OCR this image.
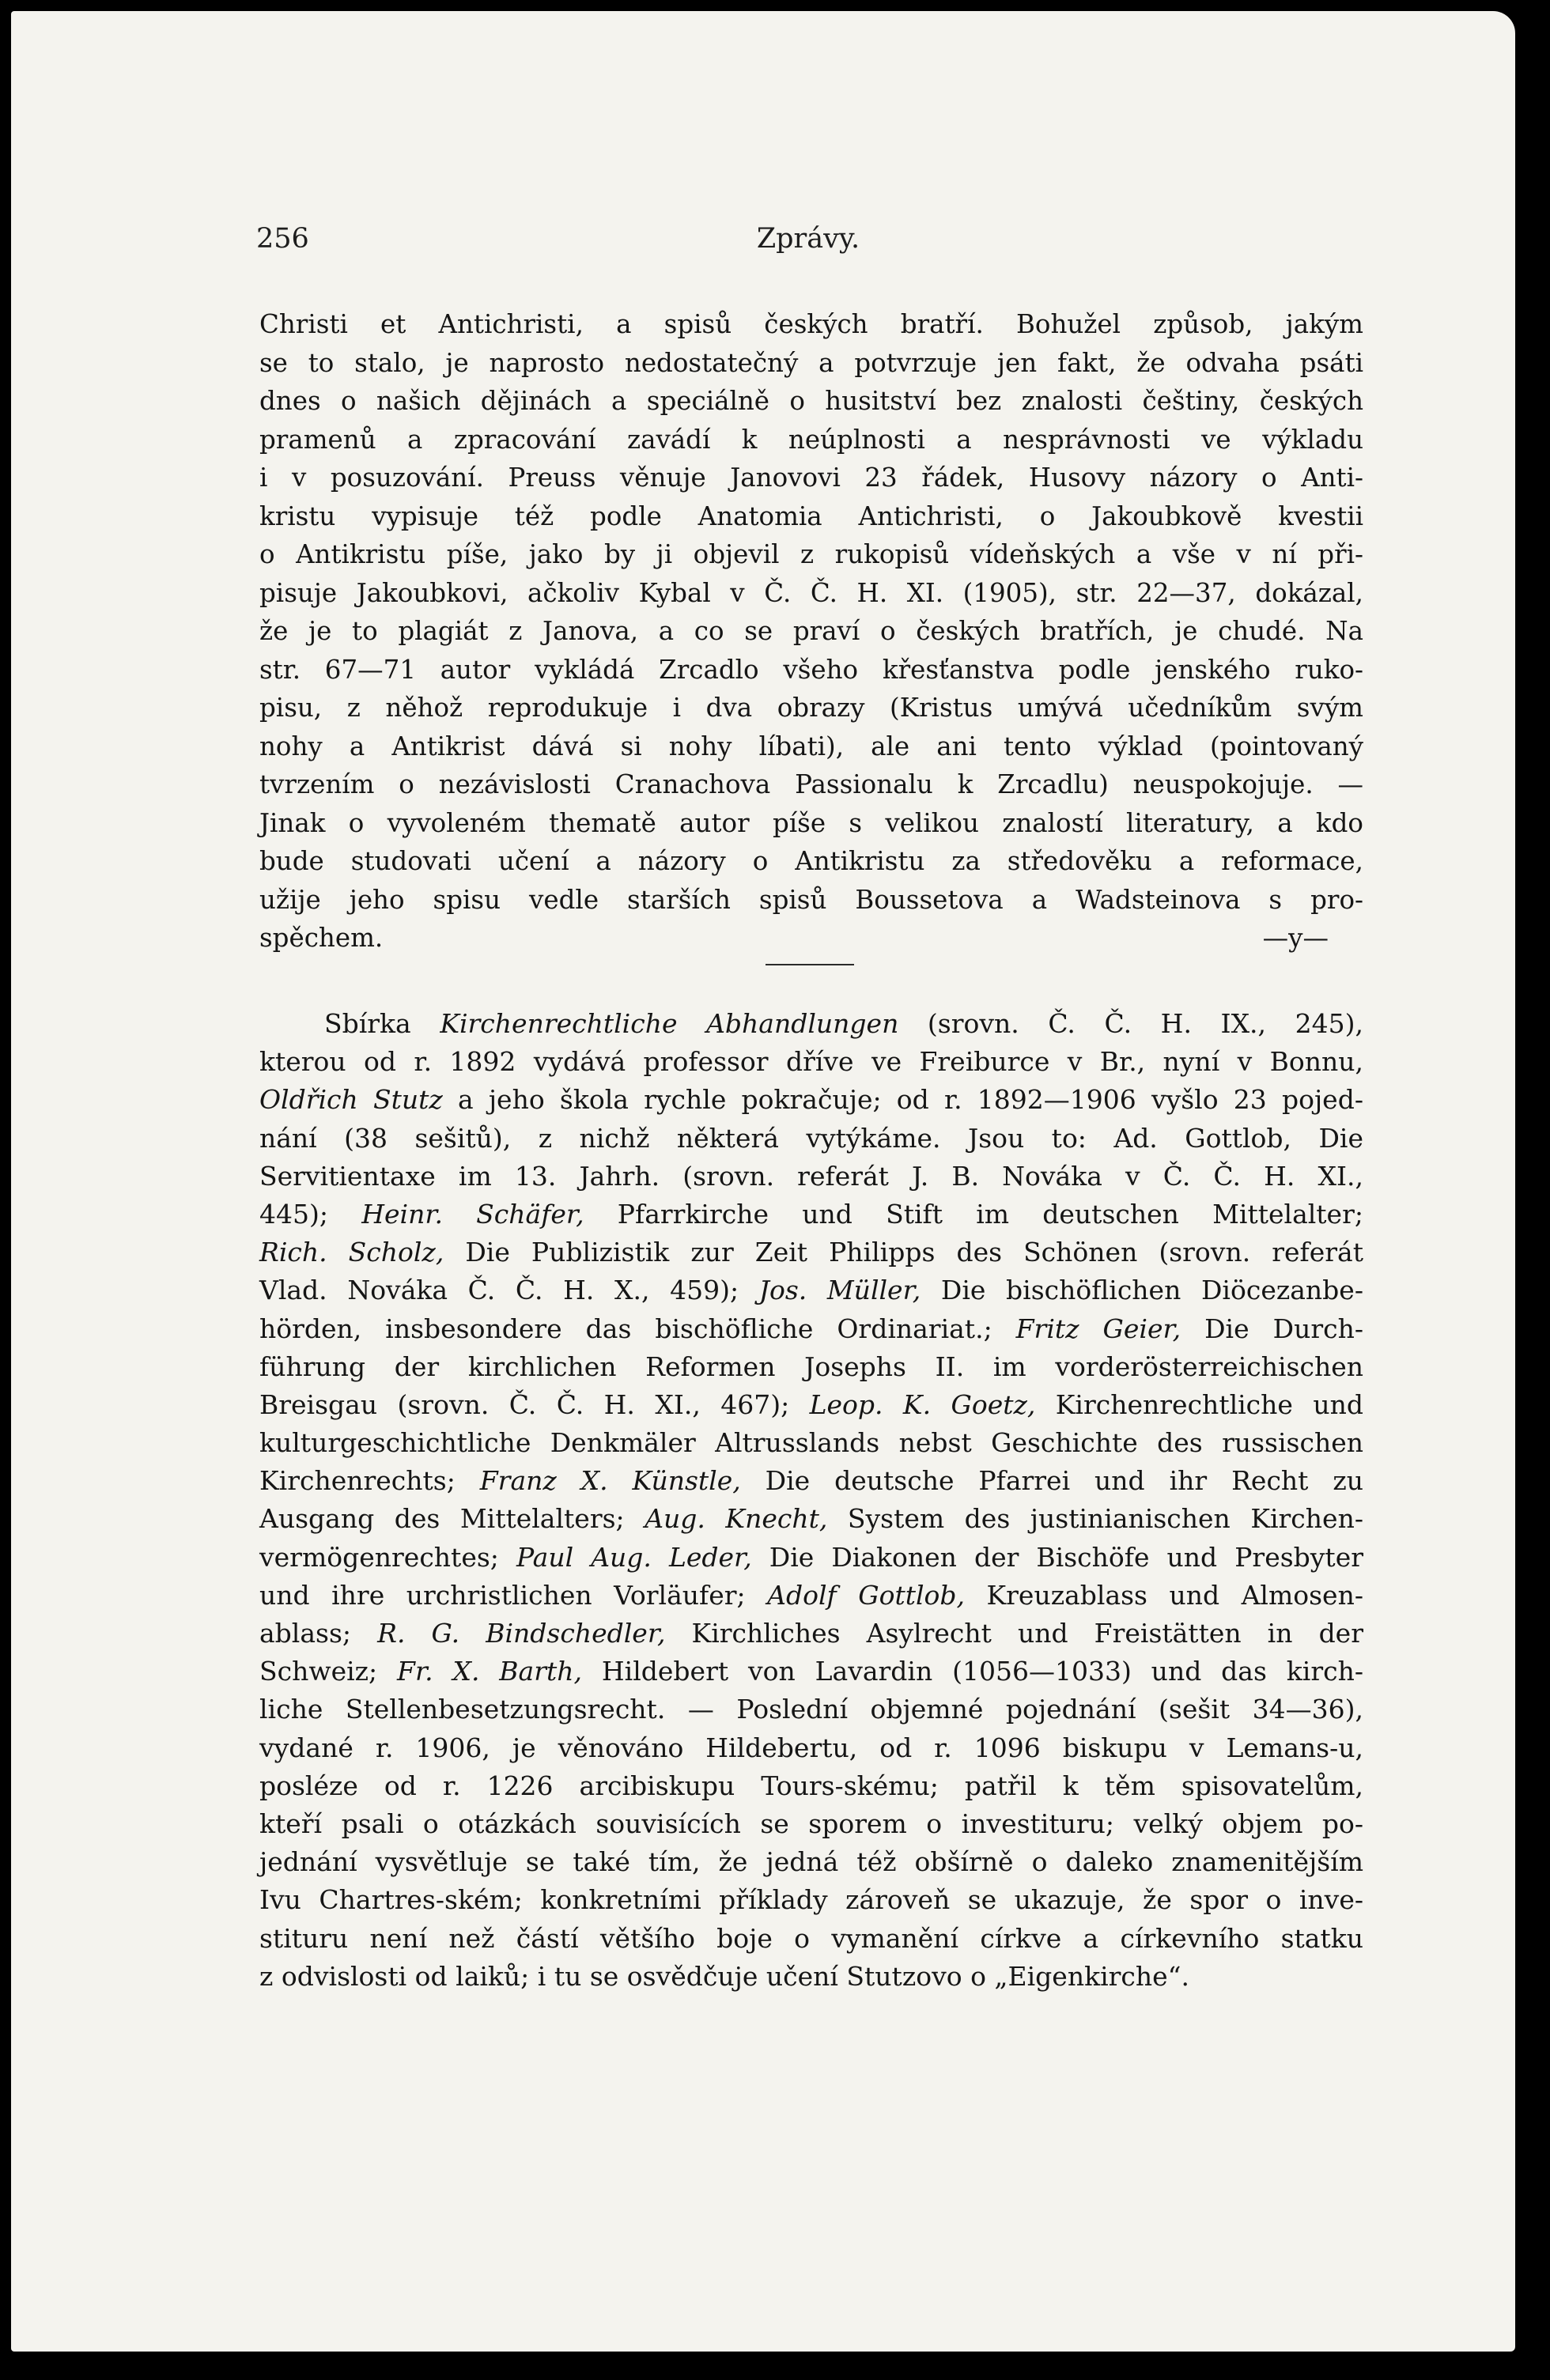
256	Zprávy.
Christi et Antichristi, a spisů českých bratří. Bohužel způsob, jakým
se to stalo, je naprosto nedostatečný a potvrzuje jen fakt, že odvaha psáti
dnes o našich dějinách a speciálně o husitství bez znalosti češtiny, českých
pramenů a zpracování zavádí k neúplnosti a nesprávnosti ve výkladu
i v posuzování. Preuss věnuje Janovovi 23 řádek, Husovy názory o Anti-
kristu vypisuje též podle Anatomia Antichristi, o Jakoubkově kvestii
o Antikristu píše, jako by ji objevil z rukopisů vídeňských a vše v ní při-
pisuje Jakoubkovi, ačkoliv Kybal v Č. Č. H. XI. (1905), str. 22—37, dokázal,
že je to plagiát z Janova, a co se praví o českých bratřích, je chudé. Na
str. 67—71 autor vykládá Zrcadlo všeho křesťanstva podle jenského ruko-
pisu, z něhož reprodukuje i dva obrazy (Kristus umývá učedníkům svým
nohy a Antikrist dává si nohy líbati), ale ani tento výklad (pointovaný
tvrzením o nezávislosti Cranachova Passionalu k Zrcadlu) neuspokojuje. —
Jinak o vyvoleném thematě autor píše s velikou znalostí literatury, a kdo
bude studovati učení a názory o Antikristu za středověku a reformace,
užije jeho spisu vedle starších spisů Boussetova a Wadsteinova s pro-
spěchem.	—y—
Sbírka Kirchenrechtliche Abhandlungen (srovn. Č. Č. H. IX., 245),
kterou od r. 1892 vydává professor dříve ve Freiburce v Br., nyní v Bonnu,
Oldřich Stutz a jeho škola rychle pokračuje; od r. 1892—1906 vyšlo 23 pojed-
nání (38 sešitů), z nichž některá vytýkáme. Jsou to: Ad. Gottlob, Die
Servitientaxe im 13. Jahrh. (srovn. referát J. B. Nováka v Č. Č. H. XI.,
445); Heinr. Schäfer, Pfarrkirche und Stift im deutschen Mittelalter;
Rich. Scholz, Die Publizistik zur Zeit Philipps des Schönen (srovn. referát
Vlad. Nováka Č. Č. H. X., 459); Jos. Müller, Die bischöflichen Diöcezanbe-
hörden, insbesondere das bischöfliche Ordinariat.; Fritz Geier, Die Durch-
führung der kirchlichen Reformen Josephs II. im vorderösterreichischen
Breisgau (srovn. Č. Č. H. XI., 467); Leop. K. Goetz, Kirchenrechtliche und
kulturgeschichtliche Denkmäler Altrusslands nebst Geschichte des russischen
Kirchenrechts; Franz X. Künstle, Die deutsche Pfarrei und ihr Recht zu
Ausgang des Mittelalters; Aug. Knecht, System des justinianischen Kirchen-
vermögenrechtes; Paul Aug. Leder, Die Diakonen der Bischöfe und Presbyter
und ihre urchristlichen Vorläufer; Adolf Gottlob, Kreuzablass und Almosen-
ablass; R. G. Bindschedler, Kirchliches Asylrecht und Freistätten in der
Schweiz; Fr. X. Barth, Hildebert von Lavardin (1056—1033) und das kirch-
liche Stellenbesetzungsrecht. — Poslední objemné pojednání (sešit 34—36),
vydané r. 1906, je věnováno Hildebertu, od r. 1096 biskupu v Lemans-u,
posléze od r. 1226 arcibiskupu Tours-skému; patřil k těm spisovatelům,
kteří psali o otázkách souvisících se sporem o investituru; velký objem po-
jednání vysvětluje se také tím, že jedná též obšírně o daleko znamenitějším
Ivu Chartres-ském; konkretními příklady zároveň se ukazuje, že spor o inve-
stituru není než částí většího boje o vymanění církve a církevního statku
z odvislosti od laiků; i tu se osvědčuje učení Stutzovo o „Eigenkirche“.
